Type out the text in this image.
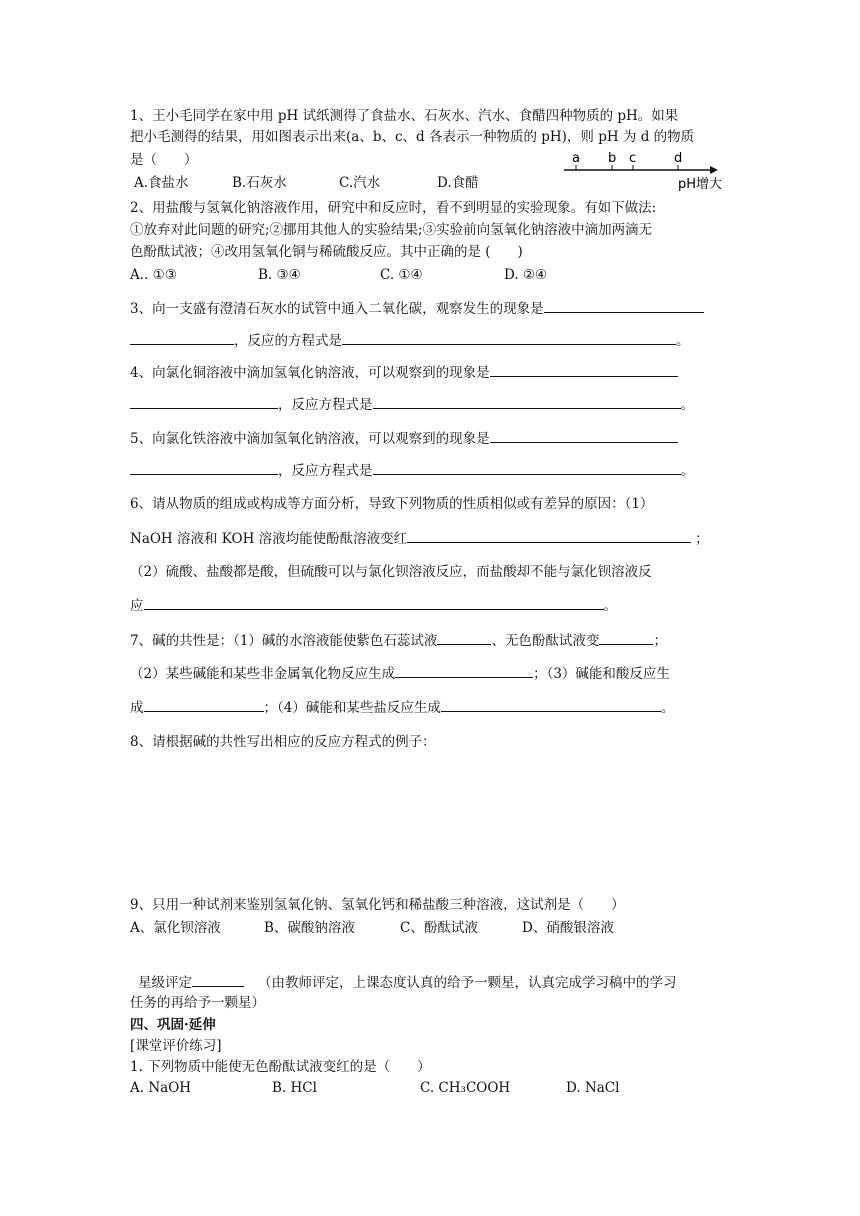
1、王小毛同学在家中用 pH 试纸测得了食盐水、石灰水、汽水、食醋四种物质的 pH。如果
把小毛测得的结果，用如图表示出来(a、b、c、d 各表示一种物质的 pH)，则 pH 为 d 的物质
是（　　）
A.食盐水	B.石灰水	C.汽水	D.食醋
a b c	d
pH增大
2、用盐酸与氢氧化钠溶液作用，研究中和反应时，看不到明显的实验现象。有如下做法:
①放弃对此问题的研究;②挪用其他人的实验结果;③实验前向氢氧化钠溶液中滴加两滴无
色酚酞试液；④改用氢氧化铜与稀硫酸反应。其中正确的是 (　　)
A.. ①③	B. ③④	C. ①④	D. ②④
3、向一支盛有澄清石灰水的试管中通入二氧化碳，观察发生的现象是
，反应的方程式是	。
4、向氯化铜溶液中滴加氢氧化钠溶液，可以观察到的现象是
，反应方程式是	。
5、向氯化铁溶液中滴加氢氧化钠溶液，可以观察到的现象是
，反应方程式是	。
6、请从物质的组成或构成等方面分析，导致下列物质的性质相似或有差异的原因：（1）
NaOH 溶液和 KOH 溶液均能使酚酞溶液变红	；
（2）硫酸、盐酸都是酸，但硫酸可以与氯化钡溶液反应，而盐酸却不能与氯化钡溶液反
应	。
7、碱的共性是：（1）碱的水溶液能使紫色石蕊试液	、无色酚酞试液变	；
（2）某些碱能和某些非金属氧化物反应生成	；（3）碱能和酸反应生
成	；（4）碱能和某些盐反应生成	。
8、请根据碱的共性写出相应的反应方程式的例子：
9、只用一种试剂来鉴别氢氧化钠、氢氧化钙和稀盐酸三种溶液，这试剂是（　　）
A、氯化钡溶液	B、碳酸钠溶液	C、酚酞试液	D、硝酸银溶液
星级评定	（由教师评定，上课态度认真的给予一颗星，认真完成学习稿中的学习
任务的再给予一颗星）
四、巩固·延伸
[课堂评价练习]
1. 下列物质中能使无色酚酞试液变红的是（　　）
A. NaOH	B. HCl	C. CH₃COOH	D. NaCl
